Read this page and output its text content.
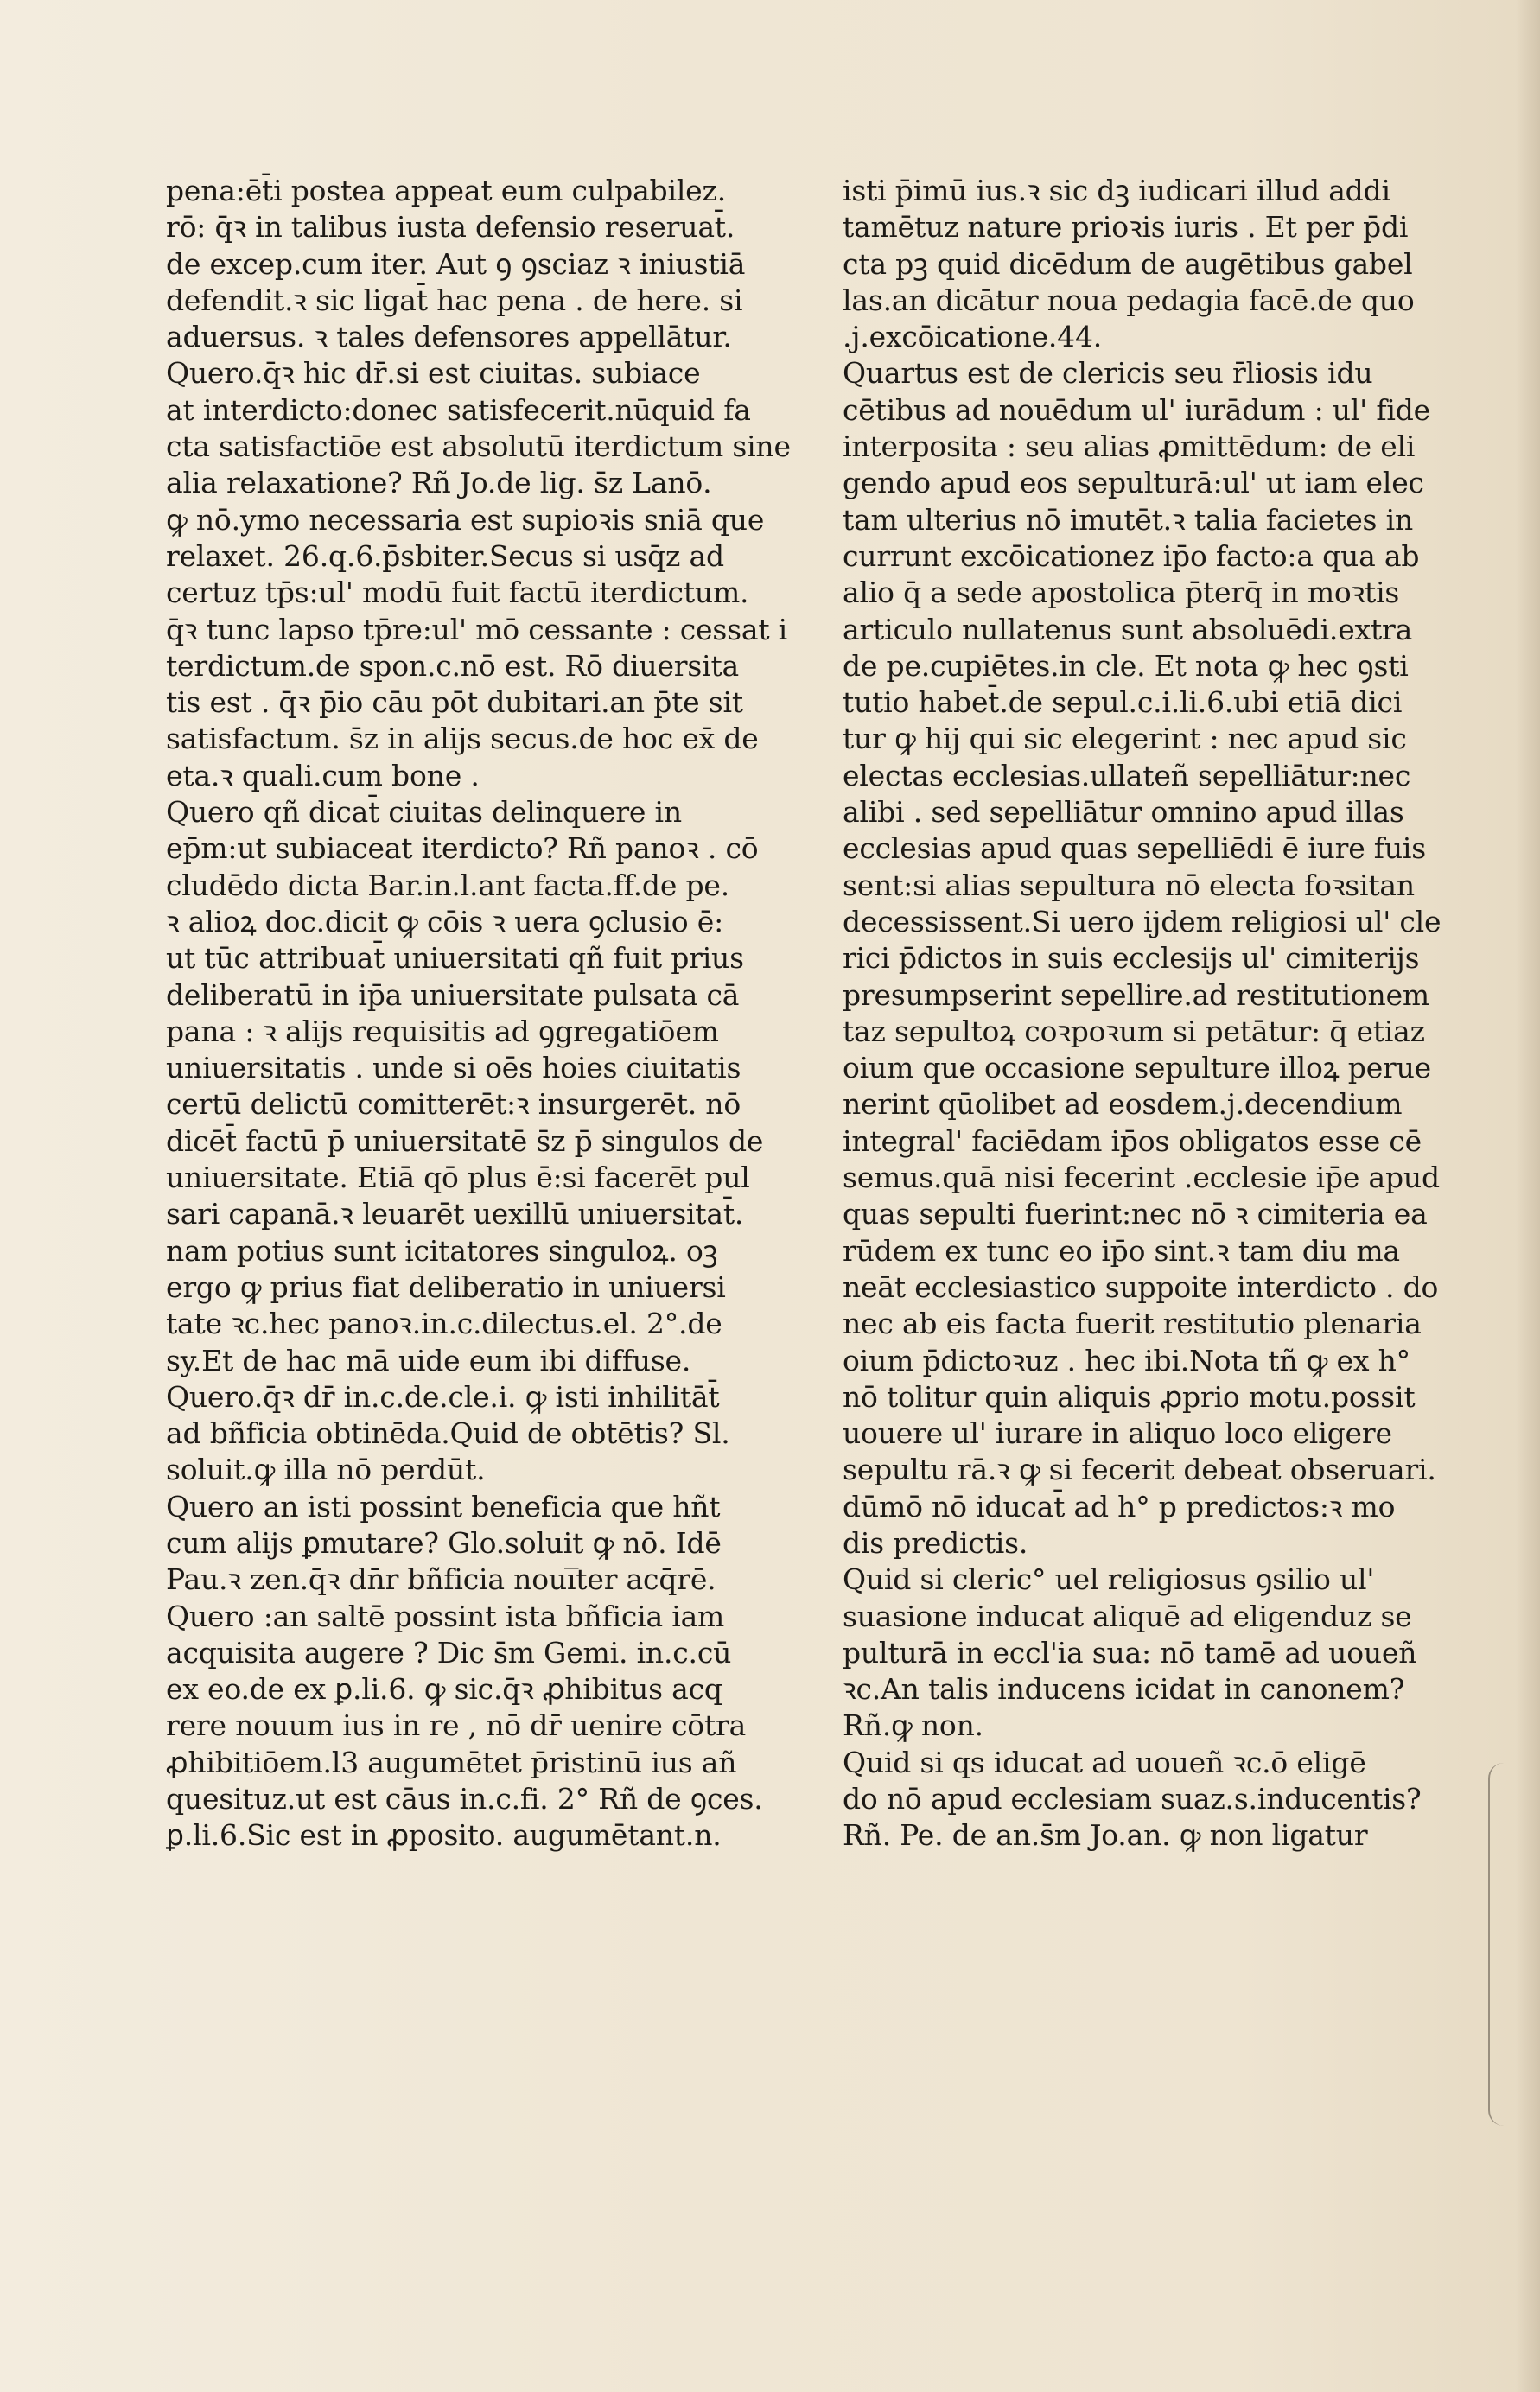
pena:ēt̄i postea appeat eum culpabilez.
rō: q̄ꝛ in talibus iusta defensio reseruat̄.
de excep.cum iter. Aut ꝯ ꝯsciaz ꝛ iniustiā
defendit.ꝛ sic ligat̄ hac pena . de here. si
aduersus. ꝛ tales defensores appellātur.
Quero.q̄ꝛ hic dr̄.si est ciuitas. subiace
at interdicto:donec satisfecerit.nūquid fa
cta satisfactiōe est absolutū iterdictum sine
alia relaxatione? Rñ Jo.de lig. s̄z Lanō.
ꝙ nō.ymo necessaria est supioꝛis sniā que
relaxet. 26.q.6.p̄sbiter.Secus si usq̄z ad
certuz tp̄s:ul' modū fuit factū iterdictum.
q̄ꝛ tunc lapso tp̄re:ul' mō cessante : cessat i
terdictum.de spon.c.nō est. Rō diuersita
tis est . q̄ꝛ p̄io cāu pōt dubitari.an p̄te sit
satisfactum. s̄z in alijs secus.de hoc ex̄ de
eta.ꝛ quali.cum bone .
Quero qñ dicat̄ ciuitas delinquere in
ep̄m:ut subiaceat iterdicto? Rñ panoꝛ . cō
cludēdo dicta Bar.in.l.ant facta.ff.de pe.
ꝛ alioꝝ doc.dicit ꝙ cōis ꝛ uera ꝯclusio ē:
ut tūc attribuat̄ uniuersitati qñ fuit prius
deliberatū in ip̄a uniuersitate pulsata cā
pana : ꝛ alijs requisitis ad ꝯgregatiōem
uniuersitatis . unde si oēs hoies ciuitatis
certū delictū comitterēt:ꝛ insurgerēt. nō
dicēt̄ factū p̄ uniuersitatē s̄z p̄ singulos de
uniuersitate. Etiā qō plus ē:si facerēt pul
sari capanā.ꝛ leuarēt uexillū uniuersitat̄.
nam potius sunt icitatores singuloꝝ. oꝫ
ergo ꝙ prius fiat deliberatio in uniuersi
tate ꝛc.hec panoꝛ.in.c.dilectus.el. 2°.de
sy.Et de hac mā uide eum ibi diffuse.
Quero.q̄ꝛ dr̄ in.c.de.cle.i. ꝙ isti inhilitāt̄
ad bñficia obtinēda.Quid de obtētis? Sl.
soluit.ꝙ illa nō perdūt.
Quero an isti possint beneficia que hñt
cum alijs ꝑmutare? Glo.soluit ꝙ nō. Idē
Pau.ꝛ zen.q̄ꝛ dn̄r bñficia noui̅ter acq̄rē.
Quero :an saltē possint ista bñficia iam
acquisita augere ? Dic s̄m Gemi. in.c.cū
ex eo.de ex ꝑ.li.6. ꝙ sic.q̄ꝛ ꝓhibitus acq
rere nouum ius in re , nō dr̄ uenire cōtra
ꝓhibitiōem.l3 augumētet p̄ristinū ius añ
quesituz.ut est cāus in.c.fi. 2° Rñ de ꝯces.
ꝑ.li.6.Sic est in ꝓposito. augumētant.n.
isti p̄imū ius.ꝛ sic dꝫ iudicari illud addi
tamētuz nature prioꝛis iuris . Et per p̄di
cta pꝫ quid dicēdum de augētibus gabel
las.an dicātur noua pedagia facē.de quo
.j.excōicatione.44.
Quartus est de clericis seu r̄liosis idu
cētibus ad nouēdum ul' iurādum : ul' fide
interposita : seu alias ꝓmittēdum: de eli
gendo apud eos sepulturā:ul' ut iam elec
tam ulterius nō imutēt.ꝛ talia facietes in
currunt excōicationez ip̄o facto:a qua ab
alio q̄ a sede apostolica p̄terq̄ in moꝛtis
articulo nullatenus sunt absoluēdi.extra
de pe.cupiētes.in cle. Et nota ꝙ hec ꝯsti
tutio habet̄.de sepul.c.i.li.6.ubi etiā dici
tur ꝙ hij qui sic elegerint : nec apud sic
electas ecclesias.ullateñ sepelliātur:nec
alibi . sed sepelliātur omnino apud illas
ecclesias apud quas sepelliēdi ē iure fuis
sent:si alias sepultura nō electa foꝛsitan
decessissent.Si uero ijdem religiosi ul' cle
rici p̄dictos in suis ecclesijs ul' cimiterijs
presumpserint sepellire.ad restitutionem
taz sepultoꝝ coꝛpoꝛum si petātur: q̄ etiaz
oium que occasione sepulture illoꝝ perue
nerint qūolibet ad eosdem.j.decendium
integral' faciēdam ip̄os obligatos esse cē
semus.quā nisi fecerint .ecclesie ip̄e apud
quas sepulti fuerint:nec nō ꝛ cimiteria ea
rūdem ex tunc eo ip̄o sint.ꝛ tam diu ma
neāt ecclesiastico suppoite interdicto . do
nec ab eis facta fuerit restitutio plenaria
oium p̄dictoꝛuz . hec ibi.Nota tñ ꝙ ex h°
nō tolitur quin aliquis ꝓprio motu.possit
uouere ul' iurare in aliquo loco eligere
sepultu rā.ꝛ ꝙ si fecerit debeat obseruari.
dūmō nō iducat̄ ad h° p predictos:ꝛ mo
dis predictis.
Quid si cleric° uel religiosus ꝯsilio ul'
suasione inducat aliquē ad eligenduz se
pulturā in eccl'ia sua: nō tamē ad uoueñ
ꝛc.An talis inducens icidat in canonem?
Rñ.ꝙ non.
Quid si qs iducat ad uoueñ ꝛc.ō eligē
do nō apud ecclesiam suaz.s.inducentis?
Rñ. Pe. de an.s̄m Jo.an. ꝙ non ligatur
